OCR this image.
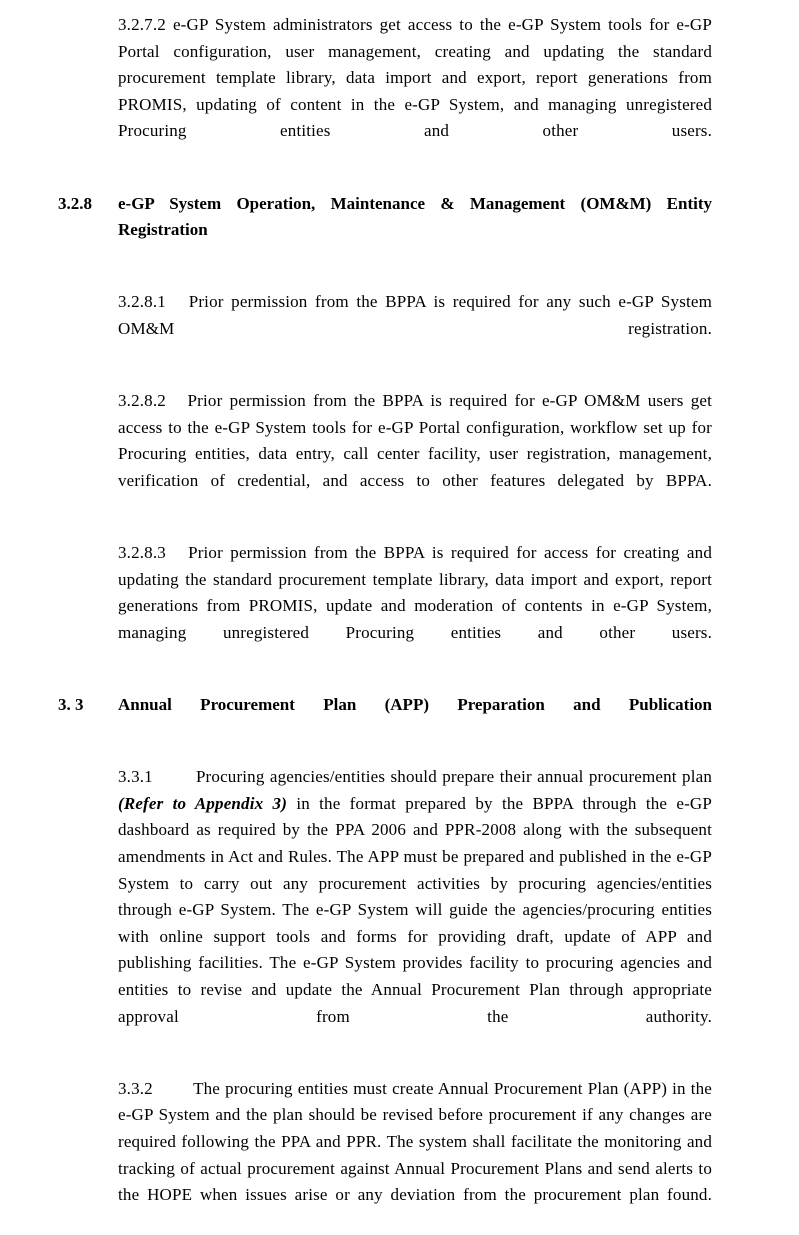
3.2.7.2 e-GP System administrators get access to the e-GP System tools for e-GP Portal configuration, user management, creating and updating the standard procurement template library, data import and export, report generations from PROMIS, updating of content in the e-GP System, and managing unregistered Procuring entities and other users.

3.2.8	e-GP System Operation, Maintenance & Management (OM&M) Entity Registration

3.2.8.1 Prior permission from the BPPA is required for any such e-GP System OM&M registration.

3.2.8.2 Prior permission from the BPPA is required for e-GP OM&M users get access to the e-GP System tools for e-GP Portal configuration, workflow set up for Procuring entities, data entry, call center facility, user registration, management, verification of credential, and access to other features delegated by BPPA.

3.2.8.3 Prior permission from the BPPA is required for access for creating and updating the standard procurement template library, data import and export, report generations from PROMIS, update and moderation of contents in e-GP System, managing unregistered Procuring entities and other users.

3. 3	Annual Procurement Plan (APP) Preparation and Publication

3.3.1	Procuring agencies/entities should prepare their annual procurement plan (Refer to Appendix 3) in the format prepared by the BPPA through the e-GP dashboard as required by the PPA 2006 and PPR-2008 along with the subsequent amendments in Act and Rules. The APP must be prepared and published in the e-GP System to carry out any procurement activities by procuring agencies/entities through e-GP System. The e-GP System will guide the agencies/procuring entities with online support tools and forms for providing draft, update of APP and publishing facilities. The e-GP System provides facility to procuring agencies and entities to revise and update the Annual Procurement Plan through appropriate approval from the authority.

3.3.2 The procuring entities must create Annual Procurement Plan (APP) in the e-GP System and the plan should be revised before procurement if any changes are required following the PPA and PPR. The system shall facilitate the monitoring and tracking of actual procurement against Annual Procurement Plans and send alerts to the HOPE when issues arise or any deviation from the procurement plan found.
